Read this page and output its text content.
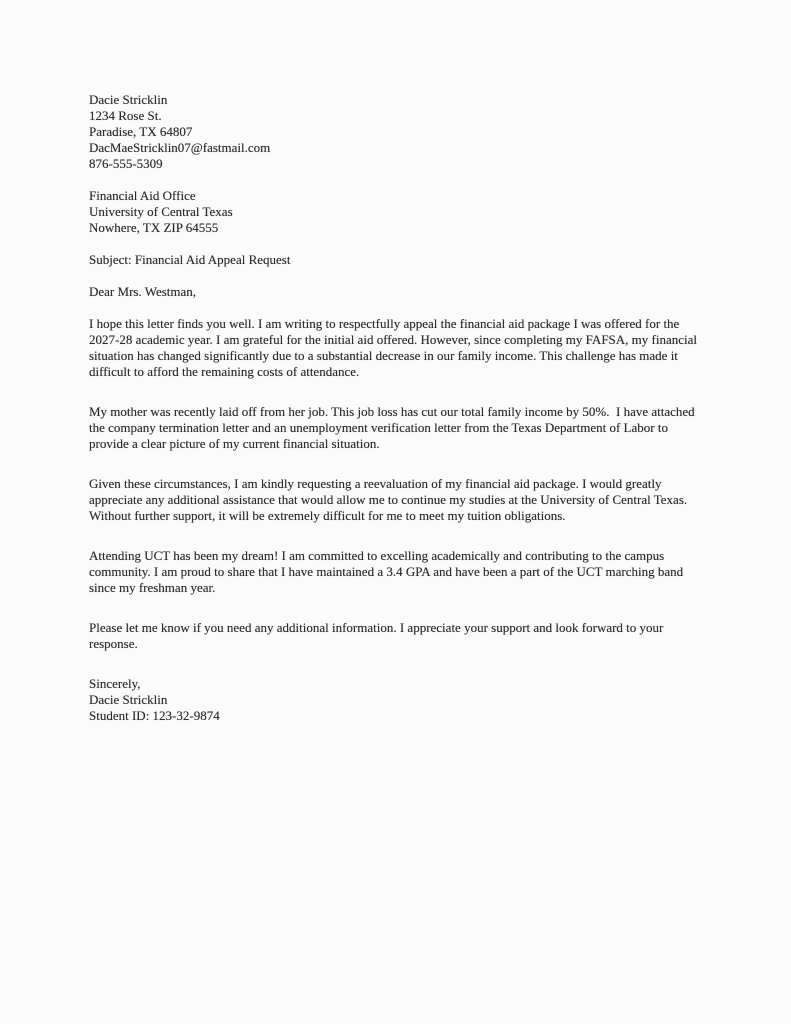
Dacie Stricklin
1234 Rose St.
Paradise, TX 64807
DacMaeStricklin07@fastmail.com
876-555-5309
Financial Aid Office
University of Central Texas
Nowhere, TX ZIP 64555
Subject: Financial Aid Appeal Request
Dear Mrs. Westman,

I hope this letter finds you well. I am writing to respectfully appeal the financial aid package I was offered for the 2027-28 academic year. I am grateful for the initial aid offered. However, since completing my FAFSA, my financial situation has changed significantly due to a substantial decrease in our family income. This challenge has made it difficult to afford the remaining costs of attendance.

My mother was recently laid off from her job. This job loss has cut our total family income by 50%.  I have attached the company termination letter and an unemployment verification letter from the Texas Department of Labor to provide a clear picture of my current financial situation.

Given these circumstances, I am kindly requesting a reevaluation of my financial aid package. I would greatly appreciate any additional assistance that would allow me to continue my studies at the University of Central Texas. Without further support, it will be extremely difficult for me to meet my tuition obligations.

Attending UCT has been my dream! I am committed to excelling academically and contributing to the campus community. I am proud to share that I have maintained a 3.4 GPA and have been a part of the UCT marching band since my freshman year.

Please let me know if you need any additional information. I appreciate your support and look forward to your response.

Sincerely,
Dacie Stricklin
Student ID: 123-32-9874
